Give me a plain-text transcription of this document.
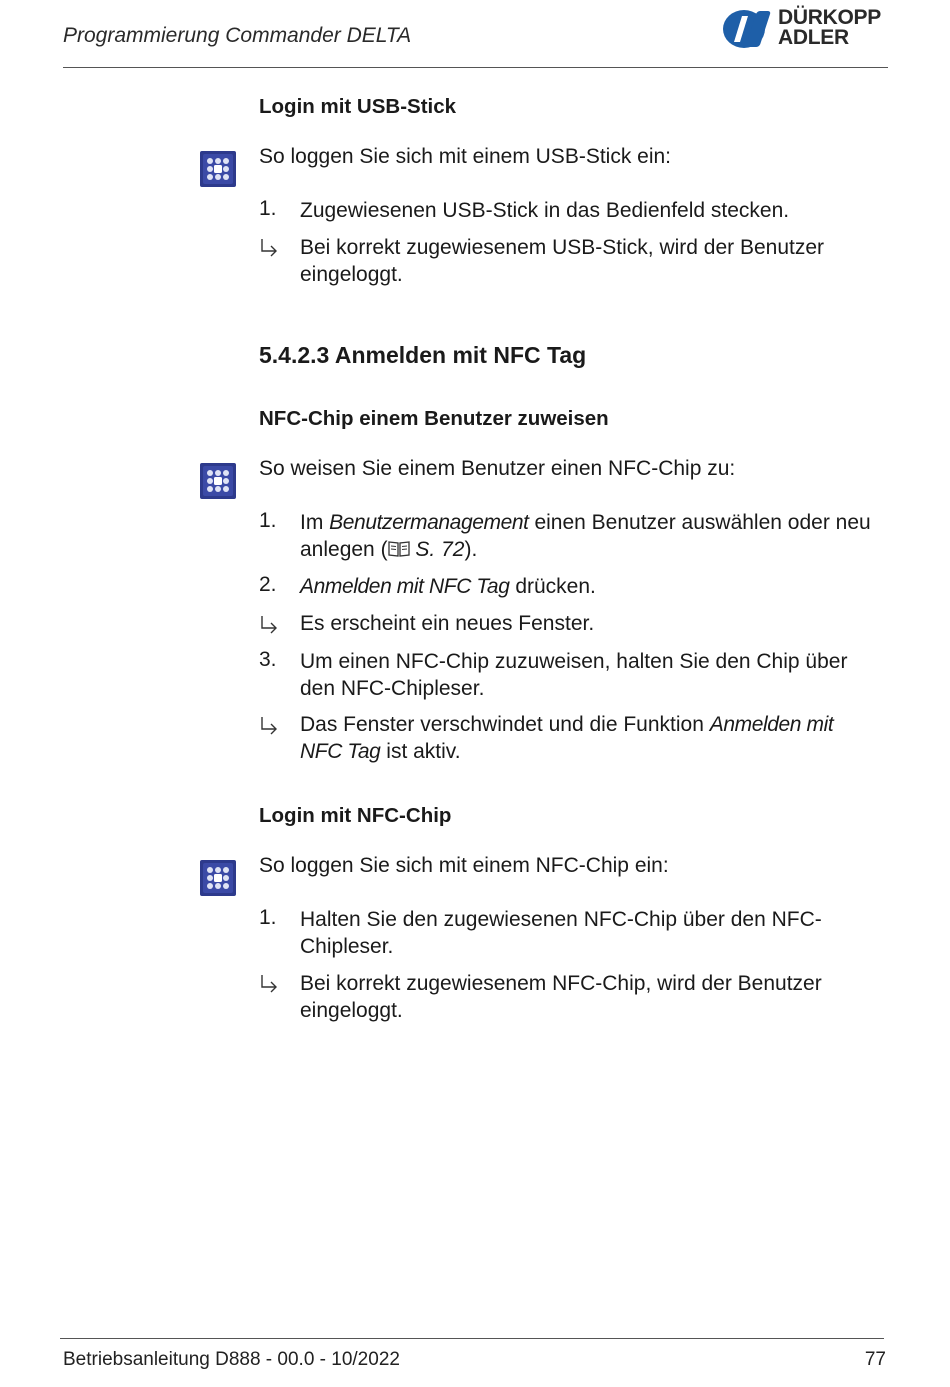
Programmierung Commander DELTA
DÜRKOPP
ADLER
Login mit USB-Stick
So loggen Sie sich mit einem USB-Stick ein:
1. Zugewiesenen USB-Stick in das Bedienfeld stecken.
Bei korrekt zugewiesenem USB-Stick, wird der Benutzer
eingeloggt.
5.4.2.3 Anmelden mit NFC Tag
NFC-Chip einem Benutzer zuweisen
So weisen Sie einem Benutzer einen NFC-Chip zu:
1. Im Benutzermanagement einen Benutzer auswählen oder neu
anlegen ( S. 72).
2. Anmelden mit NFC Tag drücken.
Es erscheint ein neues Fenster.
3. Um einen NFC-Chip zuzuweisen, halten Sie den Chip über
den NFC-Chipleser.
Das Fenster verschwindet und die Funktion Anmelden mit
NFC Tag ist aktiv.
Login mit NFC-Chip
So loggen Sie sich mit einem NFC-Chip ein:
1. Halten Sie den zugewiesenen NFC-Chip über den NFC-
Chipleser.
Bei korrekt zugewiesenem NFC-Chip, wird der Benutzer
eingeloggt.
Betriebsanleitung D888 - 00.0 - 10/2022	77
